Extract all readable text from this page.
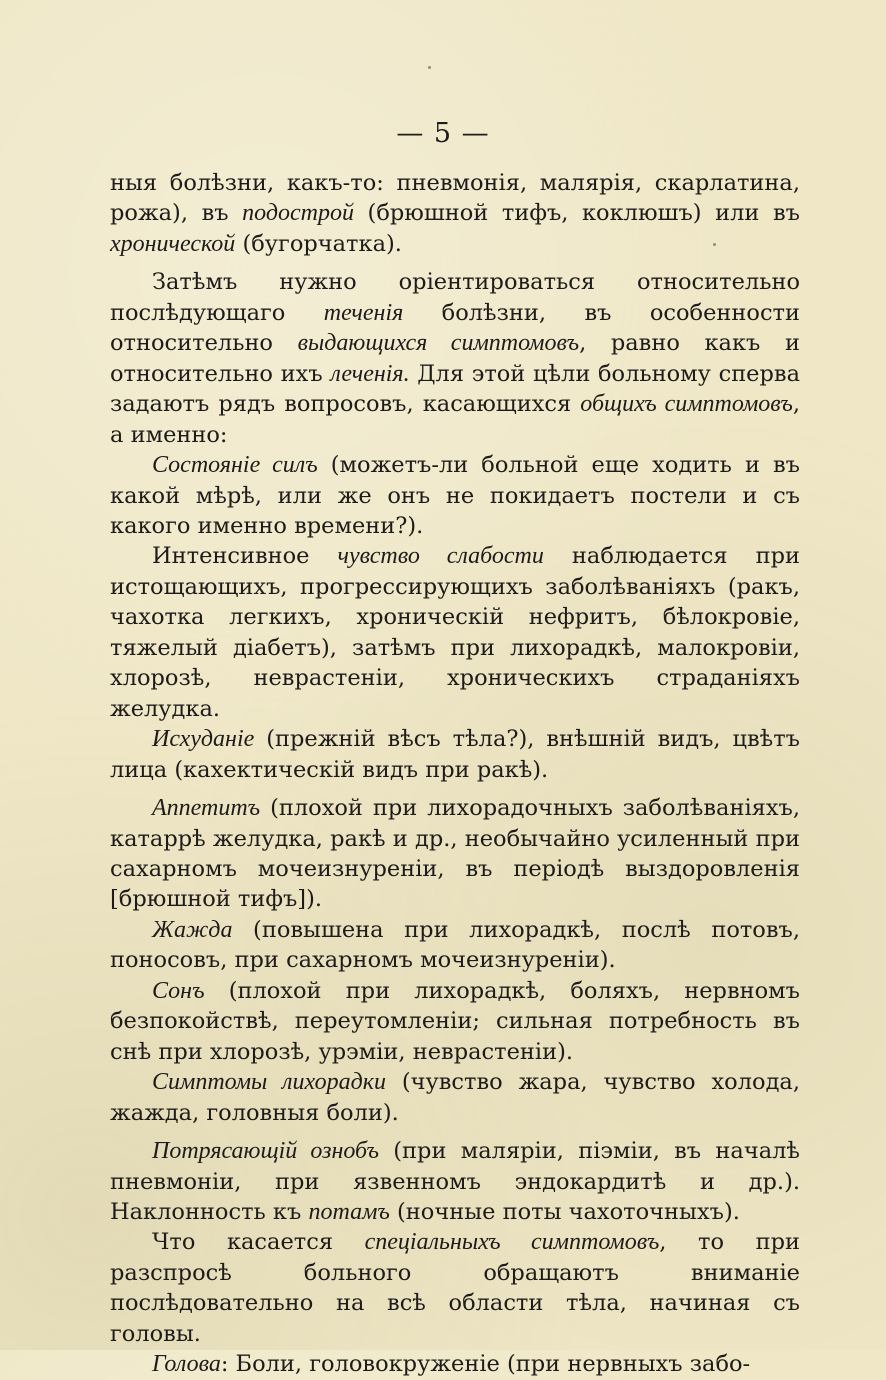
— 5 —

ныя болѣзни, какъ-то: пневмонія, малярія, скарлатина, рожа), въ подострой (брюшной тифъ, коклюшъ) или въ хронической (бугорчатка).

Затѣмъ нужно оріентироваться относительно послѣдующаго теченія болѣзни, въ особенности относительно выдающихся симптомовъ, равно какъ и относительно ихъ леченія. Для этой цѣли больному сперва задаютъ рядъ вопросовъ, касающихся общихъ симптомовъ, а именно:

Состояніе силъ (можетъ-ли больной еще ходить и въ какой мѣрѣ, или же онъ не покидаетъ постели и съ какого именно времени?).

Интенсивное чувство слабости наблюдается при истощающихъ, прогрессирующихъ заболѣваніяхъ (ракъ, чахотка легкихъ, хроническій нефритъ, бѣлокровіе, тяжелый діабетъ), затѣмъ при лихорадкѣ, малокровіи, хлорозѣ, неврастеніи, хроническихъ страданіяхъ желудка.

Исхуданіе (прежній вѣсъ тѣла?), внѣшній видъ, цвѣтъ лица (кахектическій видъ при ракѣ).

Аппетитъ (плохой при лихорадочныхъ заболѣваніяхъ, катаррѣ желудка, ракѣ и др., необычайно усиленный при сахарномъ мочеизнуреніи, въ періодѣ выздоровленія [брюшной тифъ]).

Жажда (повышена при лихорадкѣ, послѣ потовъ, поносовъ, при сахарномъ мочеизнуреніи).

Сонъ (плохой при лихорадкѣ, боляхъ, нервномъ безпокойствѣ, переутомленіи; сильная потребность въ снѣ при хлорозѣ, урэміи, неврастеніи).

Симптомы лихорадки (чувство жара, чувство холода, жажда, головныя боли).

Потрясающій ознобъ (при маляріи, піэміи, въ началѣ пневмоніи, при язвенномъ эндокардитѣ и др.). Наклонность къ потамъ (ночные поты чахоточныхъ).

Что касается спеціальныхъ симптомовъ, то при разспросѣ больного обращаютъ вниманіе послѣдовательно на всѣ области тѣла, начиная съ головы.

Голова: Боли, головокруженіе (при нервныхъ забо-
